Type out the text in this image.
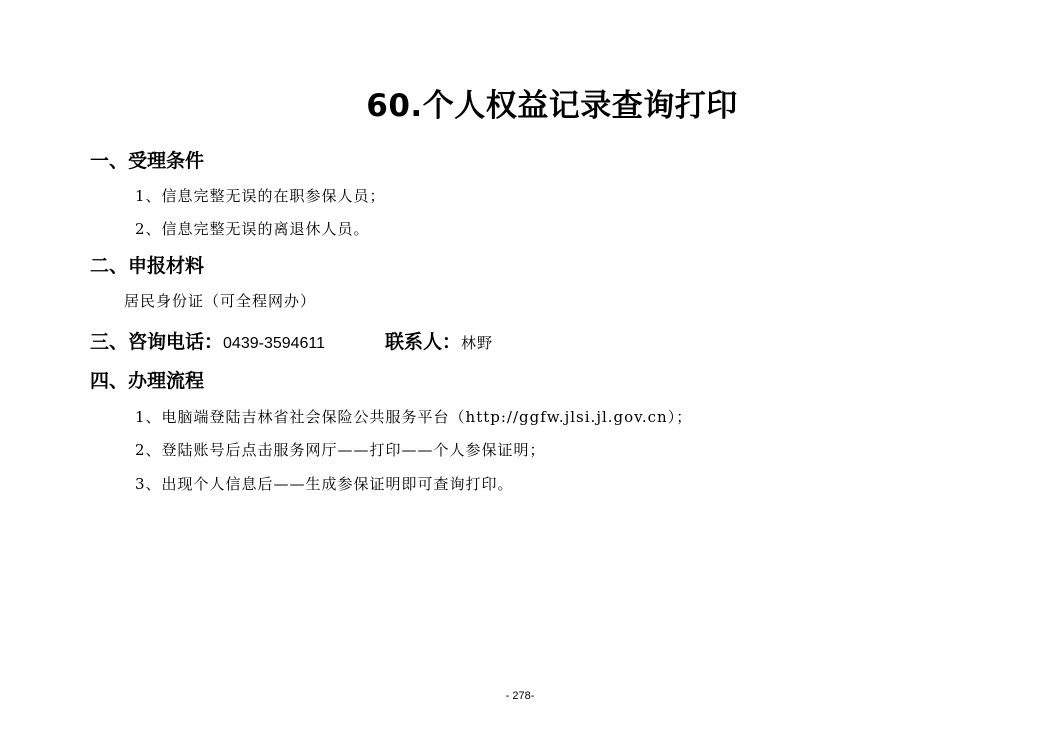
60.个人权益记录查询打印
一、受理条件
1、信息完整无误的在职参保人员；
2、信息完整无误的离退休人员。
二、申报材料
居民身份证（可全程网办）
三、咨询电话： 0439-3594611	联系人： 林野
四、办理流程
1、电脑端登陆吉林省社会保险公共服务平台（http://ggfw.jlsi.jl.gov.cn）；
2、登陆账号后点击服务网厅——打印——个人参保证明；
3、出现个人信息后——生成参保证明即可查询打印。
- 278-
